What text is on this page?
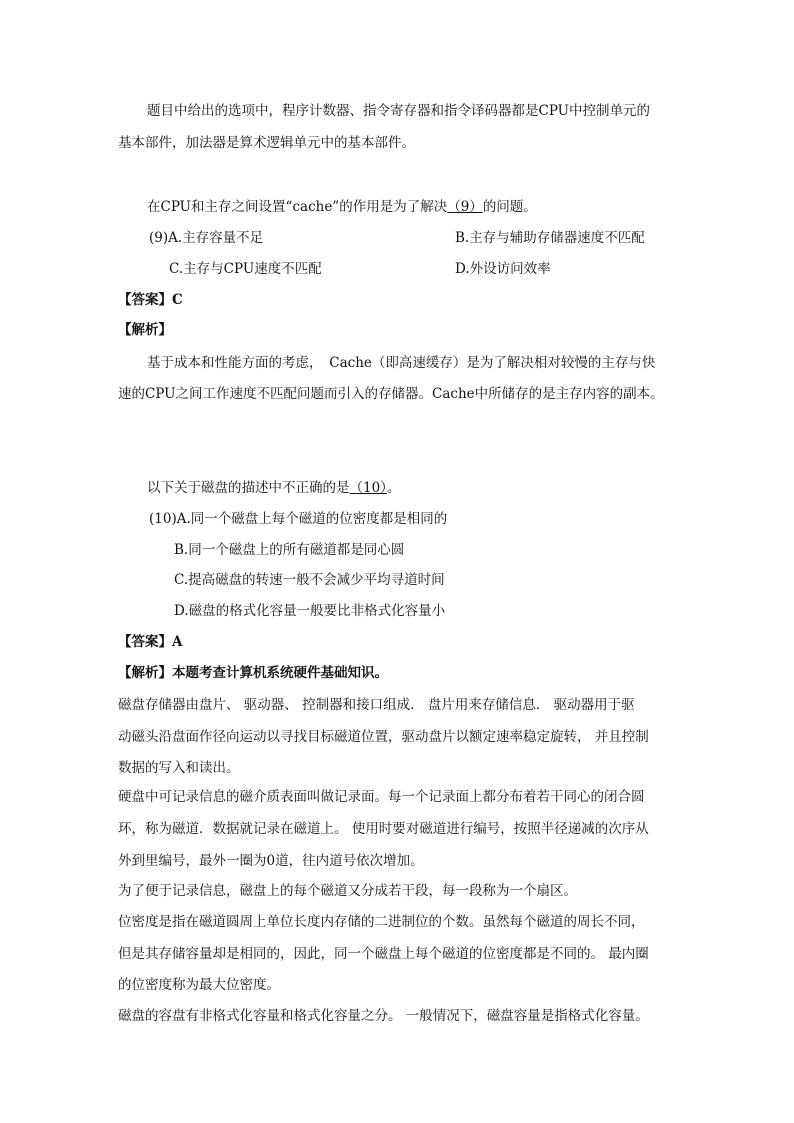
题目中给出的选项中，程序计数器、指令寄存器和指令译码器都是CPU中控制单元的
基本部件，加法器是算术逻辑单元中的基本部件。
在CPU和主存之间设置“cache”的作用是为了解决（9）的问题。
(9)A.主存容量不足	B.主存与辅助存储器速度不匹配
C.主存与CPU速度不匹配	D.外设访问效率
【答案】C
【解析】
基于成本和性能方面的考虑，　Cache（即高速缓存）是为了解决相对较慢的主存与快
速的CPU之间工作速度不匹配问题而引入的存储器。Cache中所储存的是主存内容的副本。
以下关于磁盘的描述中不正确的是（10）。
(10)A.同一个磁盘上每个磁道的位密度都是相同的
B.同一个磁盘上的所有磁道都是同心圆
C.提高磁盘的转速一般不会减少平均寻道时间
D.磁盘的格式化容量一般要比非格式化容量小
【答案】A
【解析】本题考查计算机系统硬件基础知识。
磁盘存储器由盘片、 驱动器、 控制器和接口组成． 盘片用来存储信息． 驱动器用于驱
动磁头沿盘面作径向运动以寻找目标磁道位置，驱动盘片以额定速率稳定旋转， 并且控制
数据的写入和读出。
硬盘中可记录信息的磁介质表面叫做记录面。每一个记录面上都分布着若干同心的闭合圆
环，称为磁道．数据就记录在磁道上。 使用时要对磁道进行编号，按照半径递减的次序从
外到里编号，最外一圈为0道，往内道号依次增加。
为了便于记录信息，磁盘上的每个磁道又分成若干段，每一段称为一个扇区。
位密度是指在磁道圆周上单位长度内存储的二进制位的个数。虽然每个磁道的周长不同，
但是其存储容量却是相同的，因此，同一个磁盘上每个磁道的位密度都是不同的。 最内圈
的位密度称为最大位密度。
磁盘的容盘有非格式化容量和格式化容量之分。 一般情况下，磁盘容量是指格式化容量。
